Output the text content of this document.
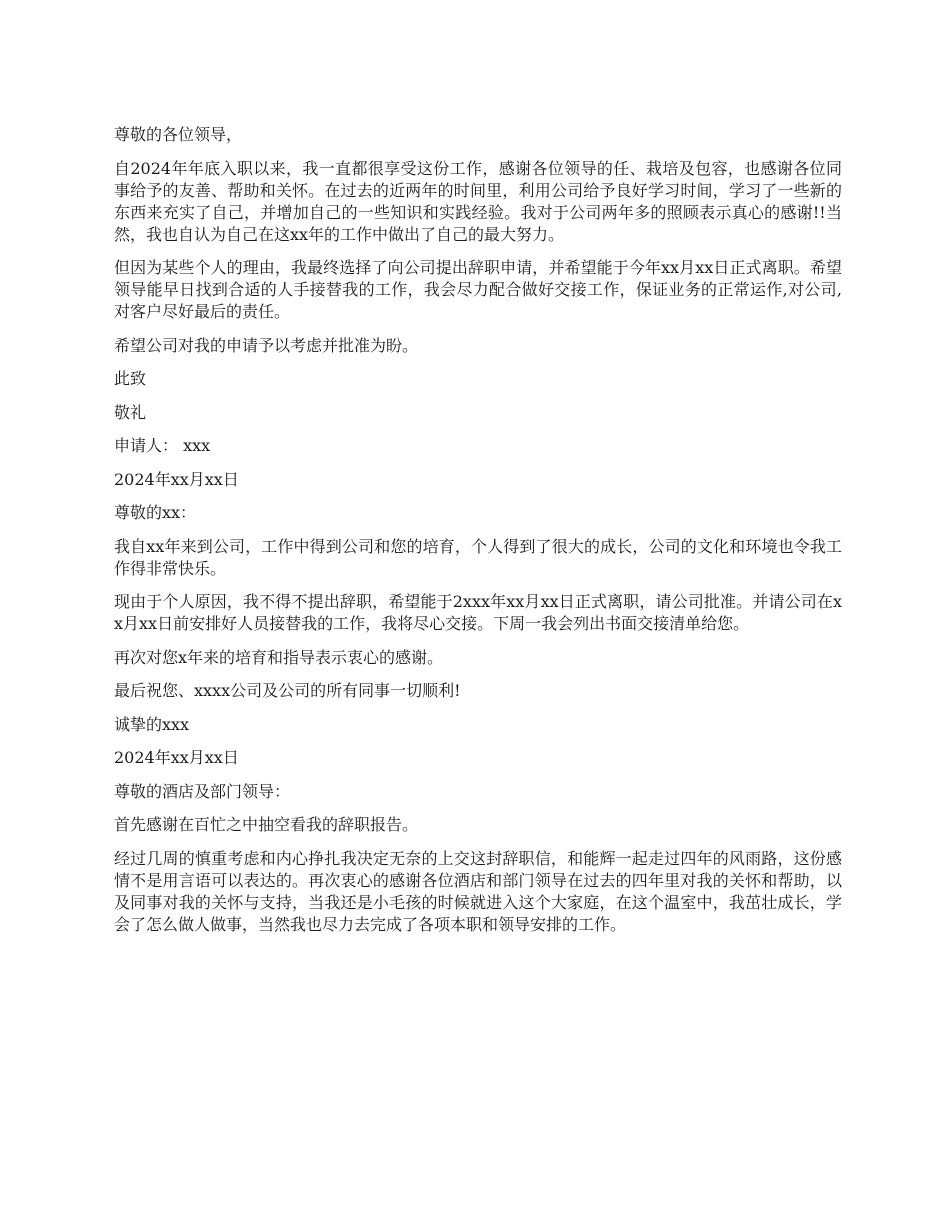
尊敬的各位领导，

自2024年年底入职以来，我一直都很享受这份工作，感谢各位领导的任、栽培及包容，也感谢各位同事给予的友善、帮助和关怀。在过去的近两年的时间里，利用公司给予良好学习时间，学习了一些新的东西来充实了自己，并增加自己的一些知识和实践经验。我对于公司两年多的照顾表示真心的感谢!!当然，我也自认为自己在这xx年的工作中做出了自己的最大努力。

但因为某些个人的理由，我最终选择了向公司提出辞职申请，并希望能于今年xx月xx日正式离职。希望领导能早日找到合适的人手接替我的工作，我会尽力配合做好交接工作，保证业务的正常运作,对公司,对客户尽好最后的责任。

希望公司对我的申请予以考虑并批准为盼。

此致

敬礼

申请人： xxx

2024年xx月xx日

尊敬的xx：

我自xx年来到公司，工作中得到公司和您的培育，个人得到了很大的成长，公司的文化和环境也令我工作得非常快乐。

现由于个人原因，我不得不提出辞职，希望能于2xxx年xx月xx日正式离职，请公司批准。并请公司在xx月xx日前安排好人员接替我的工作，我将尽心交接。下周一我会列出书面交接清单给您。

再次对您x年来的培育和指导表示衷心的感谢。

最后祝您、xxxx公司及公司的所有同事一切顺利!

诚挚的xxx

2024年xx月xx日

尊敬的酒店及部门领导：

首先感谢在百忙之中抽空看我的辞职报告。

经过几周的慎重考虑和内心挣扎我决定无奈的上交这封辞职信，和能辉一起走过四年的风雨路，这份感情不是用言语可以表达的。再次衷心的感谢各位酒店和部门领导在过去的四年里对我的关怀和帮助，以及同事对我的关怀与支持，当我还是小毛孩的时候就进入这个大家庭，在这个温室中，我茁壮成长，学会了怎么做人做事，当然我也尽力去完成了各项本职和领导安排的工作。
